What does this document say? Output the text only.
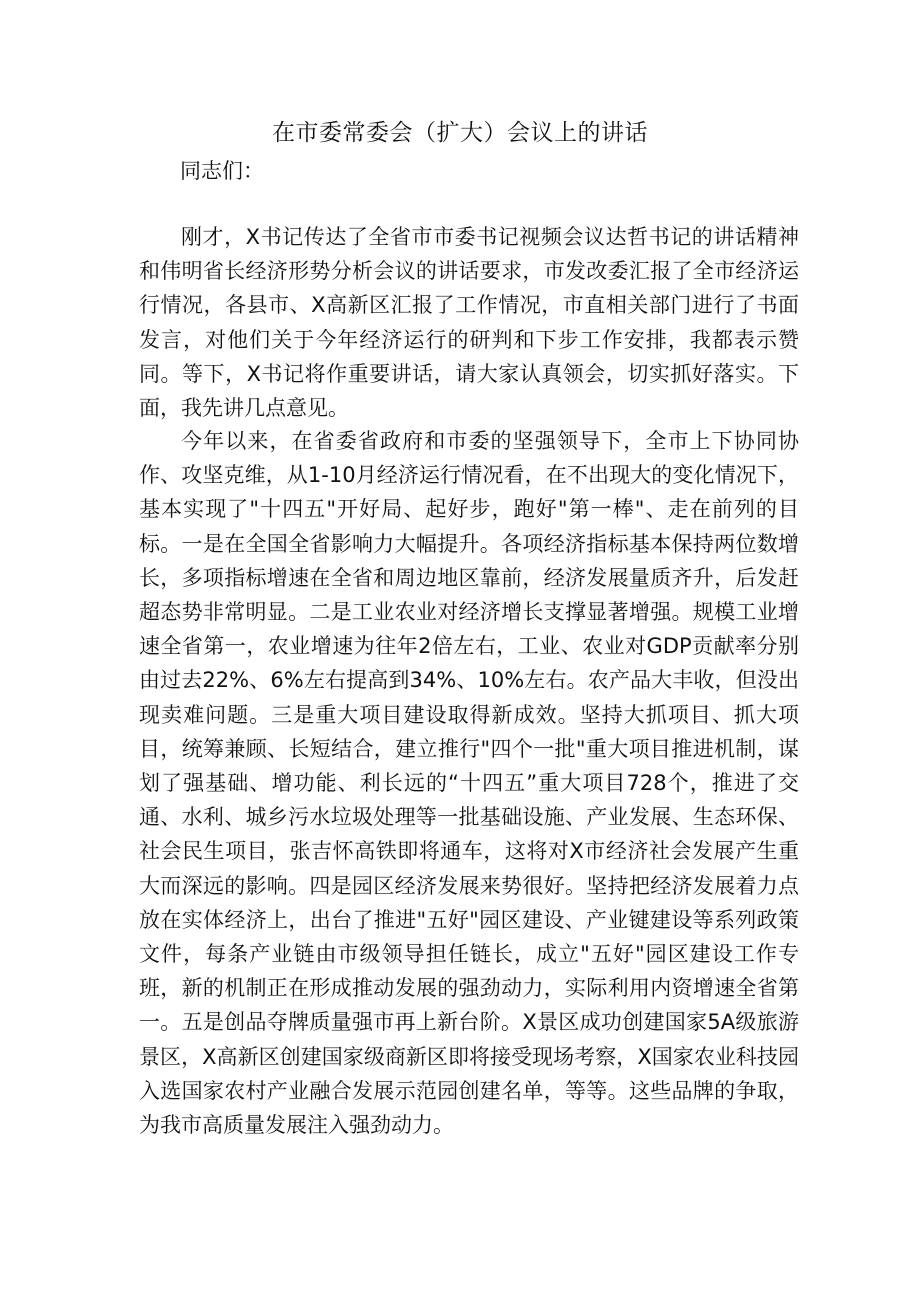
在市委常委会（扩大）会议上的讲话
同志们：

刚才，X书记传达了全省市市委书记视频会议达哲书记的讲话精神和伟明省长经济形势分析会议的讲话要求，市发改委汇报了全市经济运行情况，各县市、X高新区汇报了工作情况，市直相关部门进行了书面发言，对他们关于今年经济运行的研判和下步工作安排，我都表示赞同。等下，X书记将作重要讲话，请大家认真领会，切实抓好落实。下面，我先讲几点意见。

今年以来，在省委省政府和市委的坚强领导下，全市上下协同协作、攻坚克维，从1-10月经济运行情况看，在不出现大的变化情况下，基本实现了"十四五"开好局、起好步，跑好"第一棒"、走在前列的目标。一是在全国全省影响力大幅提升。各项经济指标基本保持两位数增长，多项指标增速在全省和周边地区靠前，经济发展量质齐升，后发赶超态势非常明显。二是工业农业对经济增长支撑显著增强。规模工业增速全省第一，农业增速为往年2倍左右，工业、农业对GDP贡献率分别由过去22%、6%左右提高到34%、10%左右。农产品大丰收，但没出现卖难问题。三是重大项目建设取得新成效。坚持大抓项目、抓大项目，统筹兼顾、长短结合，建立推行"四个一批"重大项目推进机制，谋划了强基础、增功能、利长远的“十四五”重大项目728个，推进了交通、水利、城乡污水垃圾处理等一批基础设施、产业发展、生态环保、社会民生项目，张吉怀高铁即将通车，这将对X市经济社会发展产生重大而深远的影响。四是园区经济发展来势很好。坚持把经济发展着力点放在实体经济上，出台了推进"五好"园区建设、产业键建设等系列政策文件，每条产业链由市级领导担任链长，成立"五好"园区建设工作专班，新的机制正在形成推动发展的强劲动力，实际利用内资增速全省第一。五是创品夺牌质量强市再上新台阶。X景区成功创建国家5A级旅游景区，X高新区创建国家级商新区即将接受现场考察，X国家农业科技园入选国家农村产业融合发展示范园创建名单，等等。这些品牌的争取，为我市高质量发展注入强劲动力。
